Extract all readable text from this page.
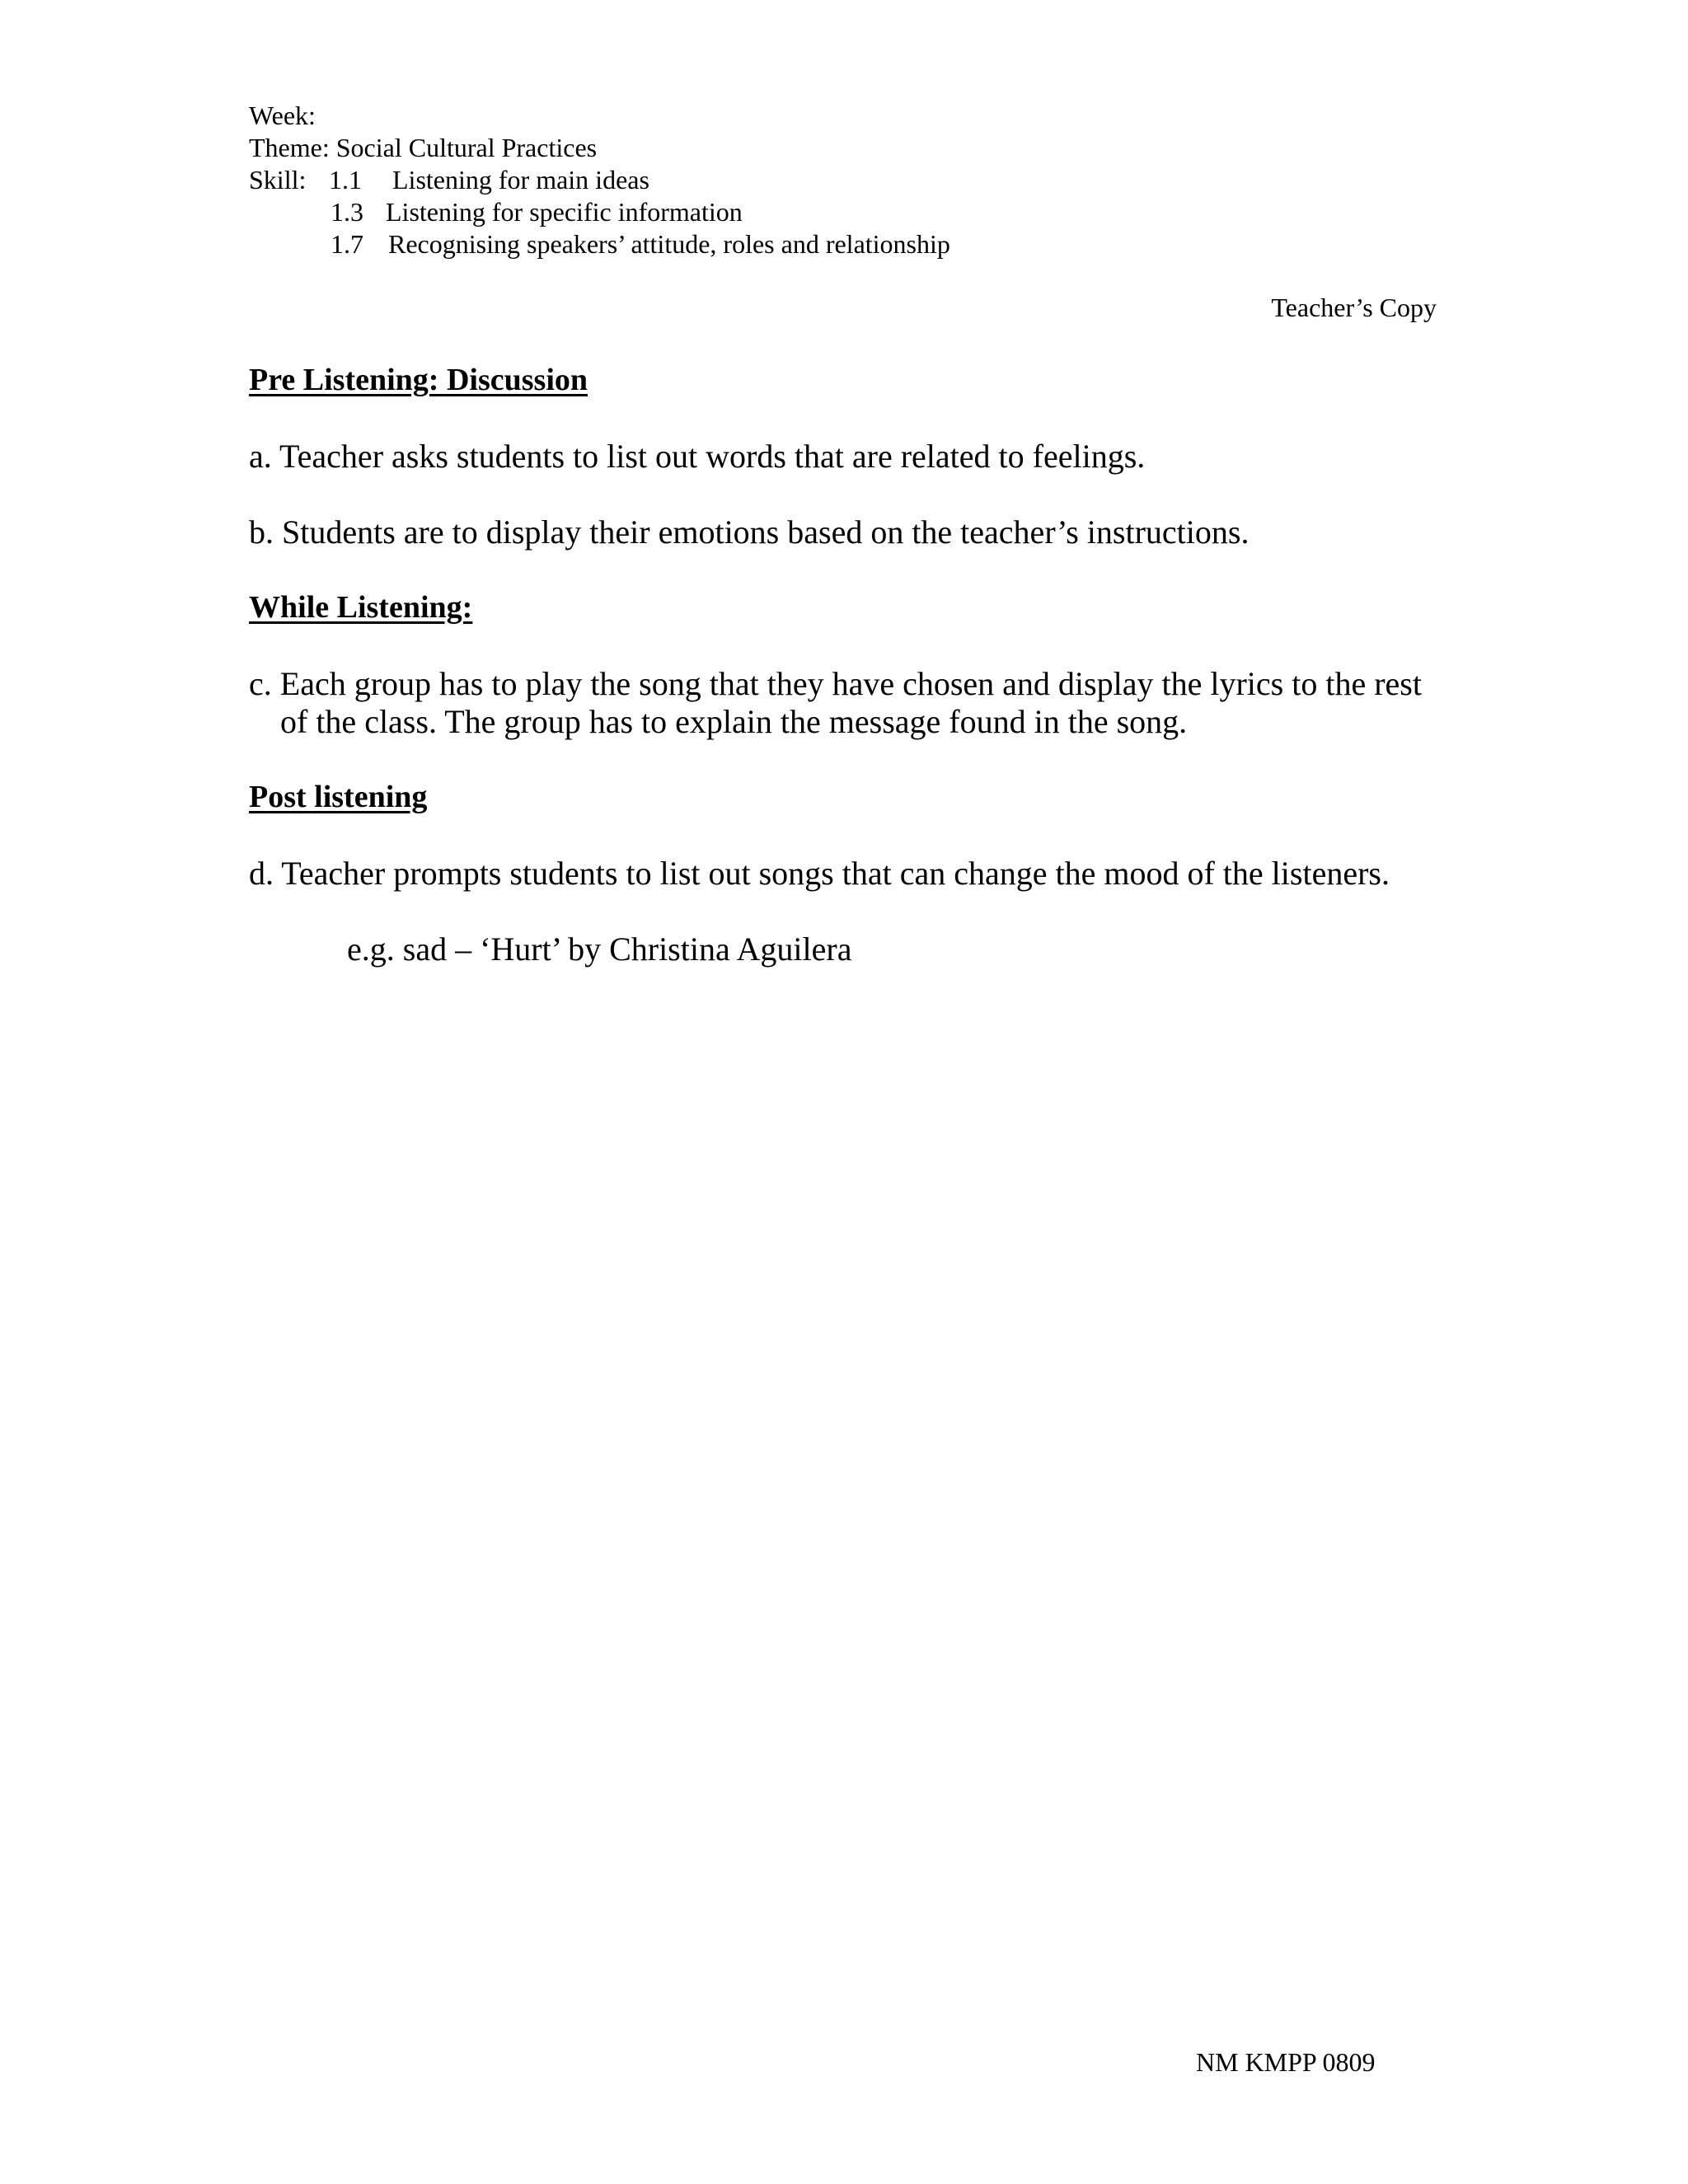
Week:
Theme: Social Cultural Practices
Skill: 1.1 Listening for main ideas
1.3 Listening for specific information
1.7 Recognising speakers’ attitude, roles and relationship
Teacher’s Copy
Pre Listening: Discussion
a. Teacher asks students to list out words that are related to feelings.
b. Students are to display their emotions based on the teacher’s instructions.
While Listening:
c. Each group has to play the song that they have chosen and display the lyrics to the rest
of the class. The group has to explain the message found in the song.
Post listening
d. Teacher prompts students to list out songs that can change the mood of the listeners.
e.g. sad – ‘Hurt’ by Christina Aguilera
NM KMPP 0809
